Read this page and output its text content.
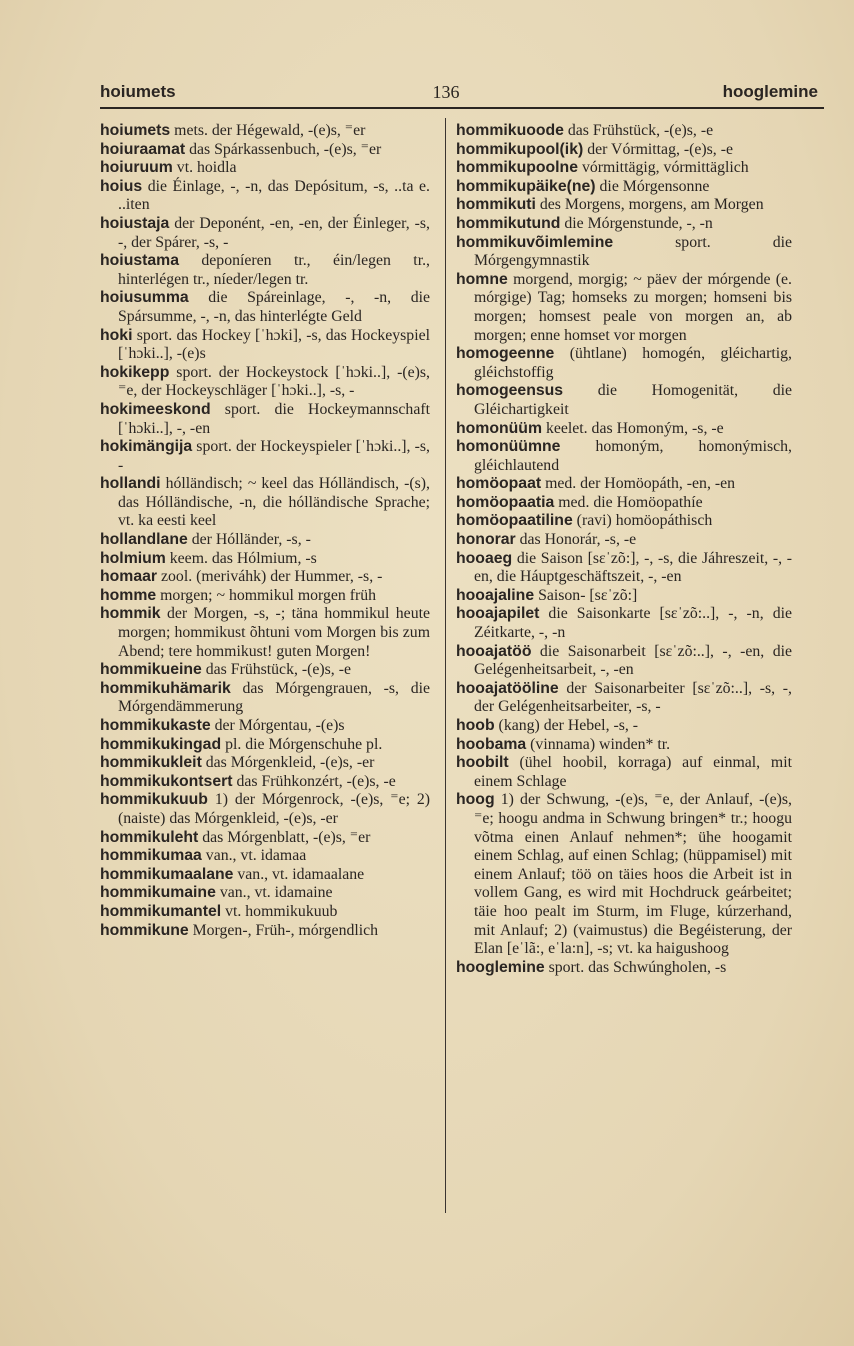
hoiumets	136	hooglemine
hoiumets mets. der Hégewald, -(e)s, ⁼er
hoiuraamat das Spárkassenbuch, -(e)s, ⁼er
hoiuruum vt. hoidla
hoius die Éinlage, -, -n, das Depósitum, -s, ..ta e. ..iten
hoiustaja der Deponént, -en, -en, der Éinleger, -s, -, der Spárer, -s, -
hoiustama deponíeren tr., éin/legen tr., hinterlégen tr., níeder/legen tr.
hoiusumma die Spáreinlage, -, -n, die Spársumme, -, -n, das hinterlégte Geld
hoki sport. das Hockey [ˈhɔki], -s, das Hockeyspiel [ˈhɔki..], -(e)s
hokikepp sport. der Hockeystock [ˈhɔki..], -(e)s, ⁼e, der Hockeyschläger [ˈhɔki..], -s, -
hokimeeskond sport. die Hockeymannschaft [ˈhɔki..], -, -en
hokimängija sport. der Hockeyspieler [ˈhɔki..], -s, -
hollandi hólländisch; ~ keel das Hólländisch, -(s), das Hólländische, -n, die hólländische Sprache; vt. ka eesti keel
hollandlane der Hólländer, -s, -
holmium keem. das Hólmium, -s
homaar zool. (meriváhk) der Hummer, -s, -
homme morgen; ~ hommikul morgen früh
hommik der Morgen, -s, -; täna hommikul heute morgen; hommikust õhtuni vom Morgen bis zum Abend; tere hommikust! guten Morgen!
hommikueine das Frühstück, -(e)s, -e
hommikuhämarik das Mórgengrauen, -s, die Mórgendämmerung
hommikukaste der Mórgentau, -(e)s
hommikukingad pl. die Mórgenschuhe pl.
hommikukleit das Mórgenkleid, -(e)s, -er
hommikukontsert das Frühkonzért, -(e)s, -e
hommikukuub 1) der Mórgenrock, -(e)s, ⁼e; 2) (naiste) das Mórgenkleid, -(e)s, -er
hommikuleht das Mórgenblatt, -(e)s, ⁼er
hommikumaa van., vt. idamaa
hommikumaalane van., vt. idamaalane
hommikumaine van., vt. idamaine
hommikumantel vt. hommikukuub
hommikune Morgen-, Früh-, mórgendlich
hommikuoode das Frühstück, -(e)s, -e
hommikupool(ik) der Vórmittag, -(e)s, -e
hommikupoolne vórmittägig, vórmittäglich
hommikupäike(ne) die Mórgensonne
hommikuti des Morgens, morgens, am Morgen
hommikutund die Mórgenstunde, -, -n
hommikuvõimlemine sport. die Mórgengymnastik
homne morgend, morgig; ~ päev der mórgende (e. mórgige) Tag; homseks zu morgen; homseni bis morgen; homsest peale von morgen an, ab morgen; enne homset vor morgen
homogeenne (ühtlane) homogén, gléichartig, gléichstoffig
homogeensus die Homogenität, die Gléichartigkeit
homonüüm keelet. das Homoným, -s, -e
homonüümne homoným, homonýmisch, gléichlautend
homöopaat med. der Homöopáth, -en, -en
homöopaatia med. die Homöopathíe
homöopaatiline (ravi) homöopáthisch
honorar das Honorár, -s, -e
hooaeg die Saison [sɛˈzõ:], -, -s, die Jáhreszeit, -, -en, die Háuptgeschäftszeit, -, -en
hooajaline Saison- [sɛˈzõ:]
hooajapilet die Saisonkarte [sɛˈzõ:..], -, -n, die Zéitkarte, -, -n
hooajatöö die Saisonarbeit [sɛˈzõ:..], -, -en, die Gelégenheitsarbeit, -, -en
hooajatööline der Saisonarbeiter [sɛˈzõ:..], -s, -, der Gelégenheitsarbeiter, -s, -
hoob (kang) der Hebel, -s, -
hoobama (vinnama) winden* tr.
hoobilt (ühel hoobil, korraga) auf einmal, mit einem Schlage
hoog 1) der Schwung, -(e)s, ⁼e, der Anlauf, -(e)s, ⁼e; hoogu andma in Schwung bringen* tr.; hoogu võtma einen Anlauf nehmen*; ühe hoogamit einem Schlag, auf einen Schlag; (hüppamisel) mit einem Anlauf; töö on täies hoos die Arbeit ist in vollem Gang, es wird mit Hochdruck geárbeitet; täie hoo pealt im Sturm, im Fluge, kúrzerhand, mit Anlauf; 2) (vaimustus) die Begéisterung, der Elan [eˈlã:, eˈla:n], -s; vt. ka haigushoog
hooglemine sport. das Schwúngholen, -s
